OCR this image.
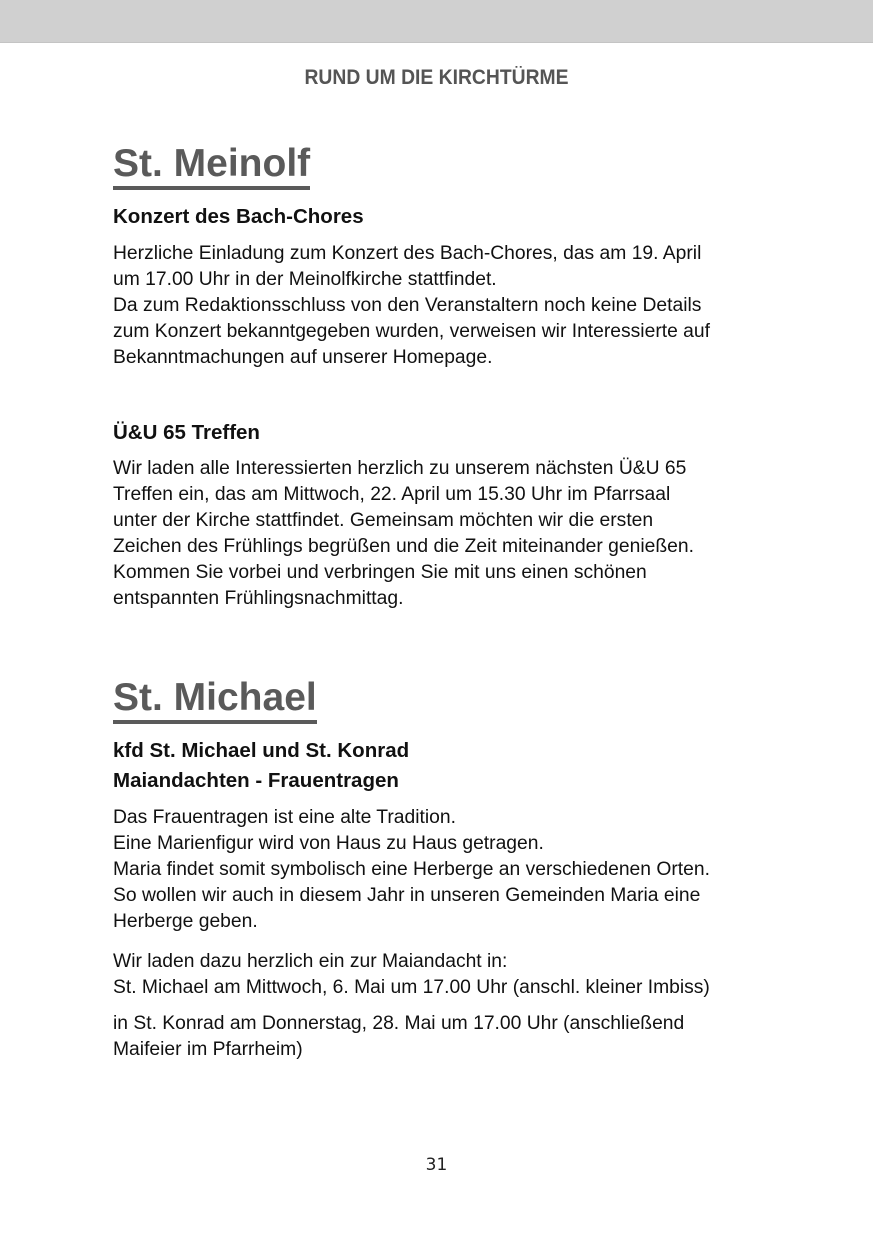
RUND UM DIE KIRCHTÜRME
St. Meinolf
Konzert des Bach-Chores

Herzliche Einladung zum Konzert des Bach-Chores, das am 19. April
um 17.00 Uhr in der Meinolfkirche stattfindet.
Da zum Redaktionsschluss von den Veranstaltern noch keine Details
zum Konzert bekanntgegeben wurden, verweisen wir Interessierte auf
Bekanntmachungen auf unserer Homepage.

Ü&U 65 Treffen

Wir laden alle Interessierten herzlich zu unserem nächsten Ü&U 65
Treffen ein, das am Mittwoch, 22. April um 15.30 Uhr im Pfarrsaal
unter der Kirche stattfindet. Gemeinsam möchten wir die ersten
Zeichen des Frühlings begrüßen und die Zeit miteinander genießen.
Kommen Sie vorbei und verbringen Sie mit uns einen schönen
entspannten Frühlingsnachmittag.

St. Michael
kfd St. Michael und St. Konrad
Maiandachten - Frauentragen

Das Frauentragen ist eine alte Tradition.
Eine Marienfigur wird von Haus zu Haus getragen.
Maria findet somit symbolisch eine Herberge an verschiedenen Orten.
So wollen wir auch in diesem Jahr in unseren Gemeinden Maria eine
Herberge geben.

Wir laden dazu herzlich ein zur Maiandacht in:
St. Michael am Mittwoch, 6. Mai um 17.00 Uhr (anschl. kleiner Imbiss)

in St. Konrad am Donnerstag, 28. Mai um 17.00 Uhr (anschließend
Maifeier im Pfarrheim)

31
